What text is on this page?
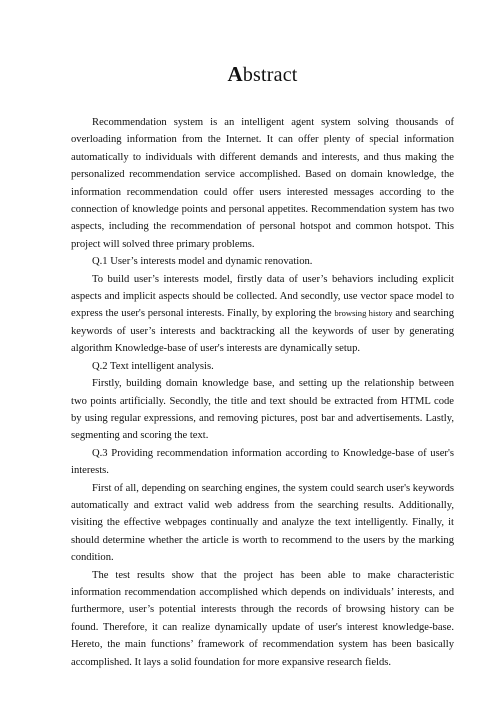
Abstract

Recommendation system is an intelligent agent system solving thousands of overloading information from the Internet. It can offer plenty of special information automatically to individuals with different demands and interests, and thus making the personalized recommendation service accomplished. Based on domain knowledge, the information recommendation could offer users interested messages according to the connection of knowledge points and personal appetites. Recommendation system has two aspects, including the recommendation of personal hotspot and common hotspot. This project will solved three primary problems.

Q.1 User’s interests model and dynamic renovation.

To build user’s interests model, firstly data of user’s behaviors including explicit aspects and implicit aspects should be collected. And secondly, use vector space model to express the user's personal interests. Finally, by exploring the browsing history and searching keywords of user’s interests and backtracking all the keywords of user by generating algorithm Knowledge-base of user's interests are dynamically setup.

Q.2 Text intelligent analysis.

Firstly, building domain knowledge base, and setting up the relationship between two points artificially. Secondly, the title and text should be extracted from HTML code by using regular expressions, and removing pictures, post bar and advertisements. Lastly, segmenting and scoring the text.

Q.3 Providing recommendation information according to Knowledge-base of user's interests.

First of all, depending on searching engines, the system could search user's keywords automatically and extract valid web address from the searching results. Additionally, visiting the effective webpages continually and analyze the text intelligently. Finally, it should determine whether the article is worth to recommend to the users by the marking condition.

The test results show that the project has been able to make characteristic information recommendation accomplished which depends on individuals’ interests, and furthermore, user’s potential interests through the records of browsing history can be found. Therefore, it can realize dynamically update of user's interest knowledge-base. Hereto, the main functions’ framework of recommendation system has been basically accomplished. It lays a solid foundation for more expansive research fields.
